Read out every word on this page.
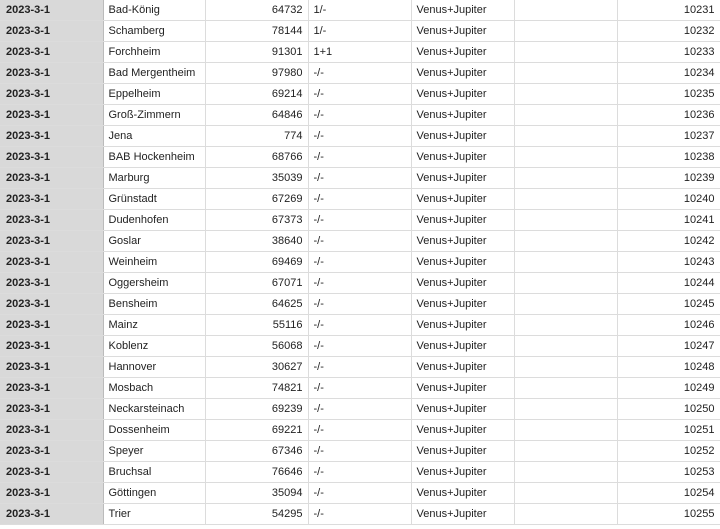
2023-3-1	Bad-König	64732	1/-	Venus+Jupiter		10231
2023-3-1	Schamberg	78144	1/-	Venus+Jupiter		10232
2023-3-1	Forchheim	91301	1+1	Venus+Jupiter		10233
2023-3-1	Bad Mergentheim	97980	-/-	Venus+Jupiter		10234
2023-3-1	Eppelheim	69214	-/-	Venus+Jupiter		10235
2023-3-1	Groß-Zimmern	64846	-/-	Venus+Jupiter		10236
2023-3-1	Jena	774	-/-	Venus+Jupiter		10237
2023-3-1	BAB Hockenheim	68766	-/-	Venus+Jupiter		10238
2023-3-1	Marburg	35039	-/-	Venus+Jupiter		10239
2023-3-1	Grünstadt	67269	-/-	Venus+Jupiter		10240
2023-3-1	Dudenhofen	67373	-/-	Venus+Jupiter		10241
2023-3-1	Goslar	38640	-/-	Venus+Jupiter		10242
2023-3-1	Weinheim	69469	-/-	Venus+Jupiter		10243
2023-3-1	Oggersheim	67071	-/-	Venus+Jupiter		10244
2023-3-1	Bensheim	64625	-/-	Venus+Jupiter		10245
2023-3-1	Mainz	55116	-/-	Venus+Jupiter		10246
2023-3-1	Koblenz	56068	-/-	Venus+Jupiter		10247
2023-3-1	Hannover	30627	-/-	Venus+Jupiter		10248
2023-3-1	Mosbach	74821	-/-	Venus+Jupiter		10249
2023-3-1	Neckarsteinach	69239	-/-	Venus+Jupiter		10250
2023-3-1	Dossenheim	69221	-/-	Venus+Jupiter		10251
2023-3-1	Speyer	67346	-/-	Venus+Jupiter		10252
2023-3-1	Bruchsal	76646	-/-	Venus+Jupiter		10253
2023-3-1	Göttingen	35094	-/-	Venus+Jupiter		10254
2023-3-1	Trier	54295	-/-	Venus+Jupiter		10255
